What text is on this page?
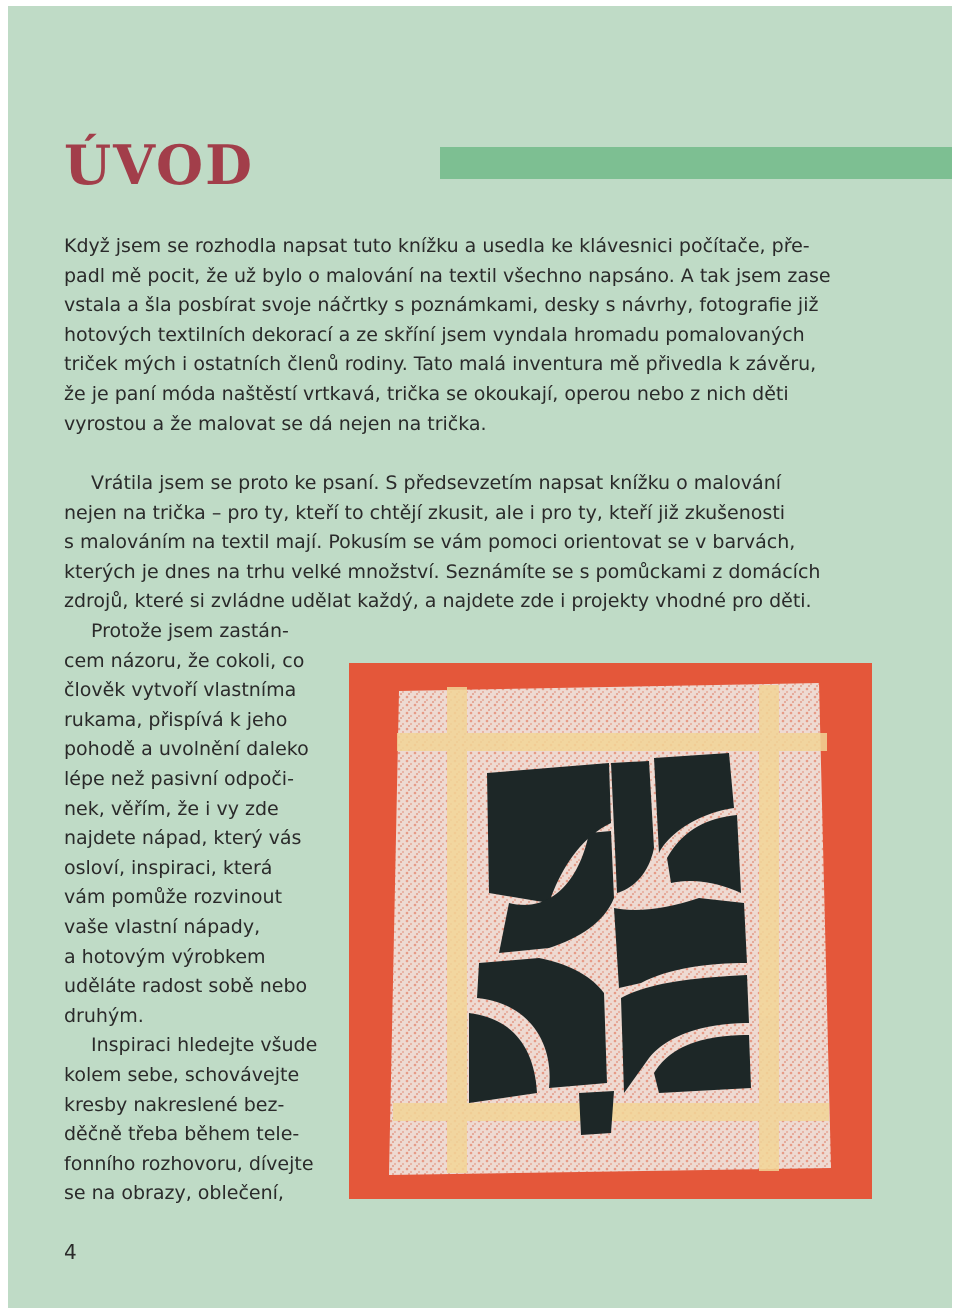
ÚVOD

Když jsem se rozhodla napsat tuto knížku a usedla ke klávesnici počítače, pře-
padl mě pocit, že už bylo o malování na textil všechno napsáno. A tak jsem zase
vstala a šla posbírat svoje náčrtky s poznámkami, desky s návrhy, fotografie již
hotových textilních dekorací a ze skříní jsem vyndala hromadu pomalovaných
triček mých i ostatních členů rodiny. Tato malá inventura mě přivedla k závěru,
že je paní móda naštěstí vrtkavá, trička se okoukají, operou nebo z nich děti
vyrostou a že malovat se dá nejen na trička.

Vrátila jsem se proto ke psaní. S předsevzetím napsat knížku o malování
nejen na trička – pro ty, kteří to chtějí zkusit, ale i pro ty, kteří již zkušenosti
s malováním na textil mají. Pokusím se vám pomoci orientovat se v barvách,
kterých je dnes na trhu velké množství. Seznámíte se s pomůckami z domácích
zdrojů, které si zvládne udělat každý, a najdete zde i projekty vhodné pro děti.

Protože jsem zastán-
cem názoru, že cokoli, co
člověk vytvoří vlastníma
rukama, přispívá k jeho
pohodě a uvolnění daleko
lépe než pasivní odpoči-
nek, věřím, že i vy zde
najdete nápad, který vás
osloví, inspiraci, která
vám pomůže rozvinout
vaše vlastní nápady,
a hotovým výrobkem
uděláte radost sobě nebo
druhým.
Inspiraci hledejte všude
kolem sebe, schovávejte
kresby nakreslené bez-
děčně třeba během tele-
fonního rozhovoru, dívejte
se na obrazy, oblečení,
4
